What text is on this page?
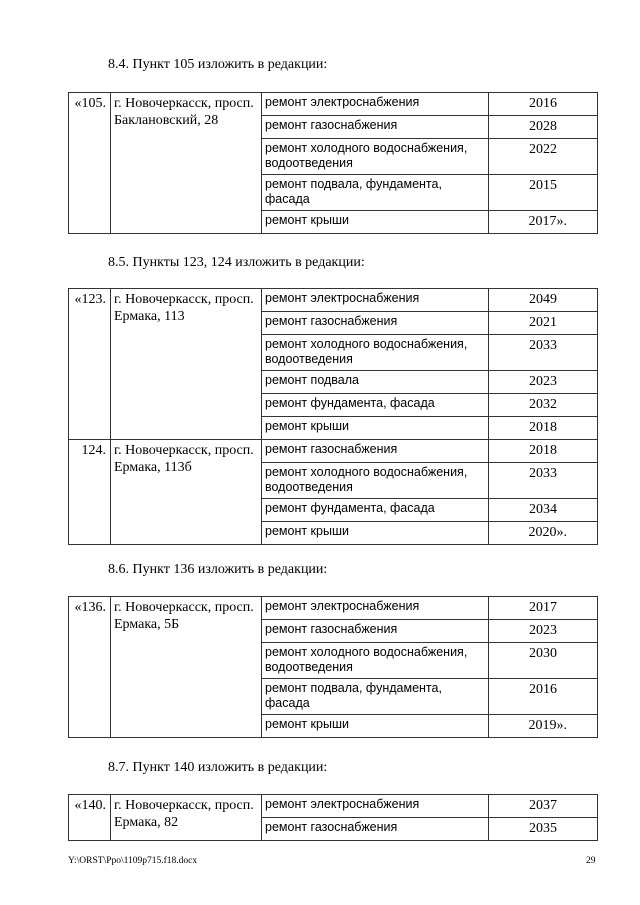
8.4. Пункт 105 изложить в редакции:
«105.	г. Новочеркасск, просп. Баклановский, 28	ремонт электроснабжения	2016
		ремонт газоснабжения	2028
		ремонт холодного водоснабжения, водоотведения	2022
		ремонт подвала, фундамента, фасада	2015
		ремонт крыши	2017».
8.5. Пункты 123, 124 изложить в редакции:
«123.	г. Новочеркасск, просп. Ермака, 113	ремонт электроснабжения	2049
		ремонт газоснабжения	2021
		ремонт холодного водоснабжения, водоотведения	2033
		ремонт подвала	2023
		ремонт фундамента, фасада	2032
		ремонт крыши	2018
124.	г. Новочеркасск, просп. Ермака, 113б	ремонт газоснабжения	2018
		ремонт холодного водоснабжения, водоотведения	2033
		ремонт фундамента, фасада	2034
		ремонт крыши	2020».
8.6. Пункт 136 изложить в редакции:
«136.	г. Новочеркасск, просп. Ермака, 5Б	ремонт электроснабжения	2017
		ремонт газоснабжения	2023
		ремонт холодного водоснабжения, водоотведения	2030
		ремонт подвала, фундамента, фасада	2016
		ремонт крыши	2019».
8.7. Пункт 140 изложить в редакции:
«140.	г. Новочеркасск, просп. Ермака, 82	ремонт электроснабжения	2037
		ремонт газоснабжения	2035
Y:\ORST\Ppo\1109p715.f18.docx	29
